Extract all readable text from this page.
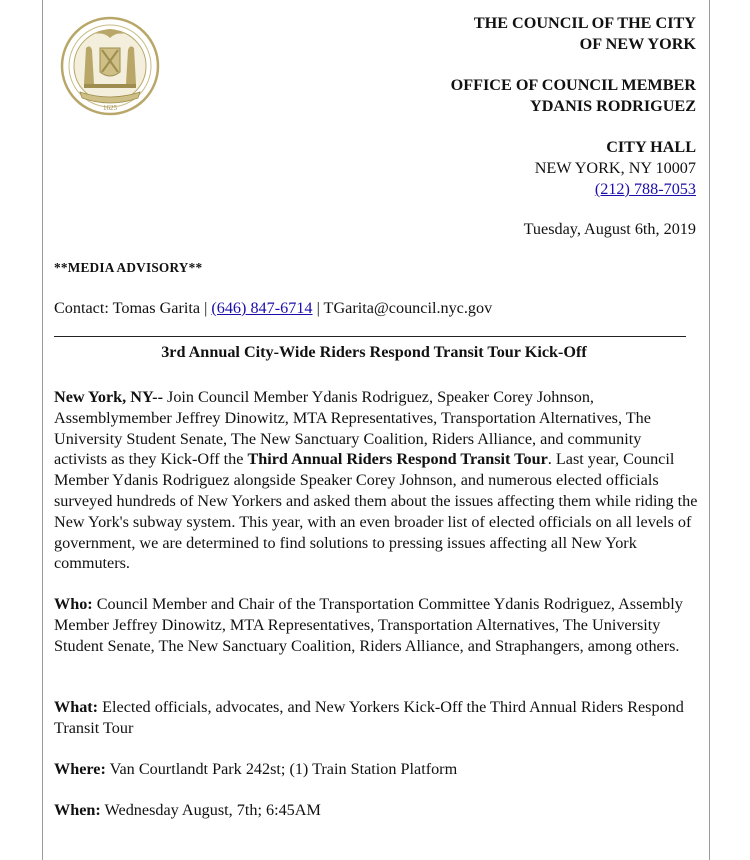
1625
THE COUNCIL OF THE CITY
OF NEW YORK
OFFICE OF COUNCIL MEMBER
YDANIS RODRIGUEZ
CITY HALL
NEW YORK, NY 10007
(212) 788-7053
Tuesday, August 6th, 2019
**MEDIA ADVISORY**
Contact: Tomas Garita | (646) 847-6714 | TGarita@council.nyc.gov
3rd Annual City-Wide Riders Respond Transit Tour Kick-Off
New York, NY-- Join Council Member Ydanis Rodriguez, Speaker Corey Johnson, Assemblymember Jeffrey Dinowitz, MTA Representatives, Transportation Alternatives, The University Student Senate, The New Sanctuary Coalition, Riders Alliance, and community activists as they Kick-Off the Third Annual Riders Respond Transit Tour. Last year, Council Member Ydanis Rodriguez alongside Speaker Corey Johnson, and numerous elected officials surveyed hundreds of New Yorkers and asked them about the issues affecting them while riding the New York's subway system. This year, with an even broader list of elected officials on all levels of government, we are determined to find solutions to pressing issues affecting all New York commuters.
Who: Council Member and Chair of the Transportation Committee Ydanis Rodriguez, Assembly Member Jeffrey Dinowitz, MTA Representatives, Transportation Alternatives, The University Student Senate, The New Sanctuary Coalition, Riders Alliance, and Straphangers, among others.
What: Elected officials, advocates, and New Yorkers Kick-Off the Third Annual Riders Respond Transit Tour
Where: Van Courtlandt Park 242st; (1) Train Station Platform
When: Wednesday August, 7th; 6:45AM
